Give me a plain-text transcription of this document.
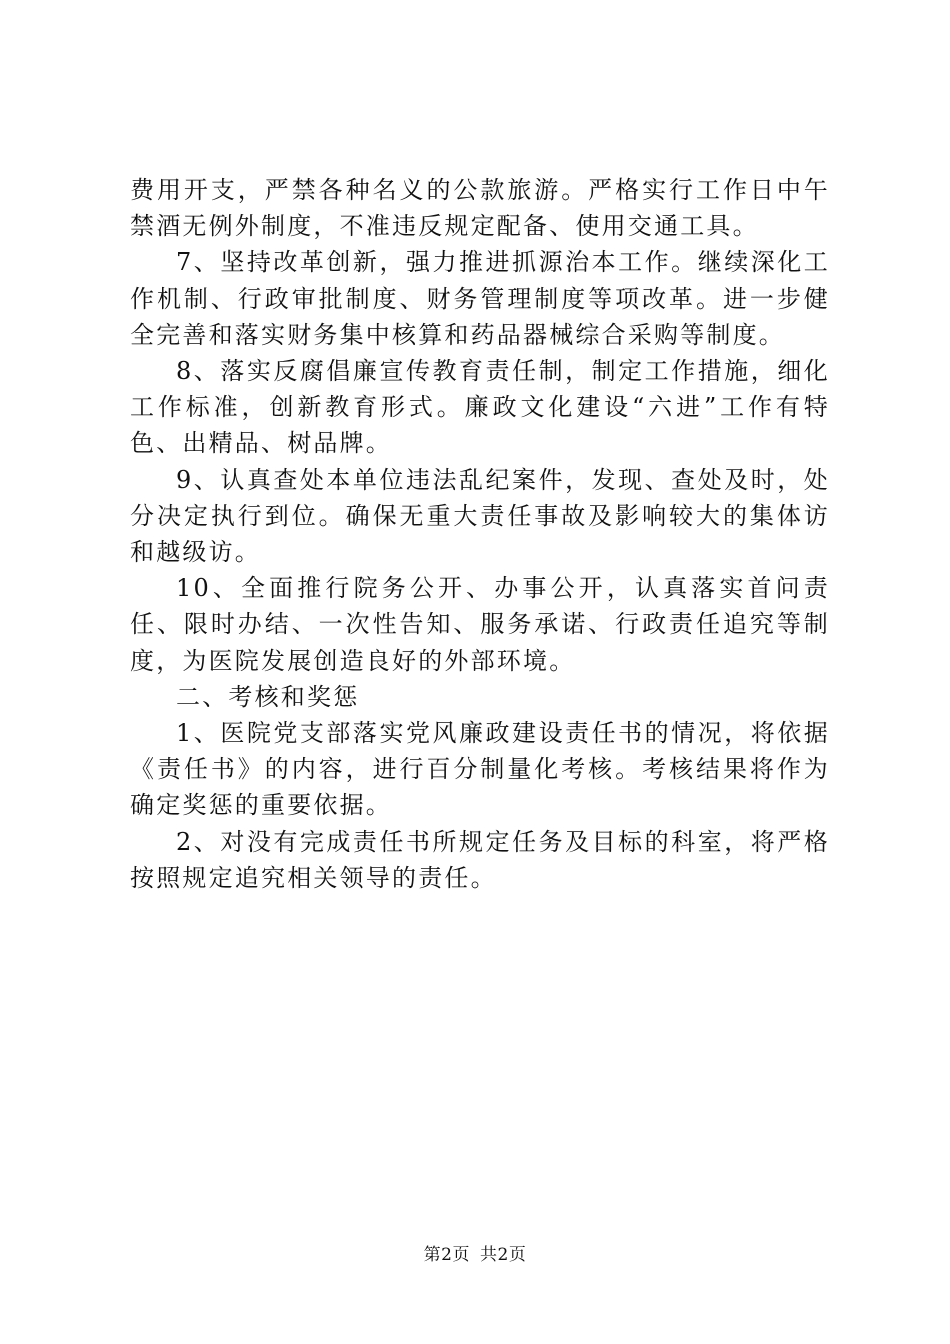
费用开支，严禁各种名义的公款旅游。严格实行工作日中午禁酒无例外制度，不准违反规定配备、使用交通工具。

7、坚持改革创新，强力推进抓源治本工作。继续深化工作机制、行政审批制度、财务管理制度等项改革。进一步健全完善和落实财务集中核算和药品器械综合采购等制度。

8、落实反腐倡廉宣传教育责任制，制定工作措施，细化工作标准，创新教育形式。廉政文化建设“六进”工作有特色、出精品、树品牌。

9、认真查处本单位违法乱纪案件，发现、查处及时，处分决定执行到位。确保无重大责任事故及影响较大的集体访和越级访。

10、全面推行院务公开、办事公开，认真落实首问责任、限时办结、一次性告知、服务承诺、行政责任追究等制度，为医院发展创造良好的外部环境。

二、考核和奖惩

1、医院党支部落实党风廉政建设责任书的情况，将依据《责任书》的内容，进行百分制量化考核。考核结果将作为确定奖惩的重要依据。

2、对没有完成责任书所规定任务及目标的科室，将严格按照规定追究相关领导的责任。

第2页 共2页
